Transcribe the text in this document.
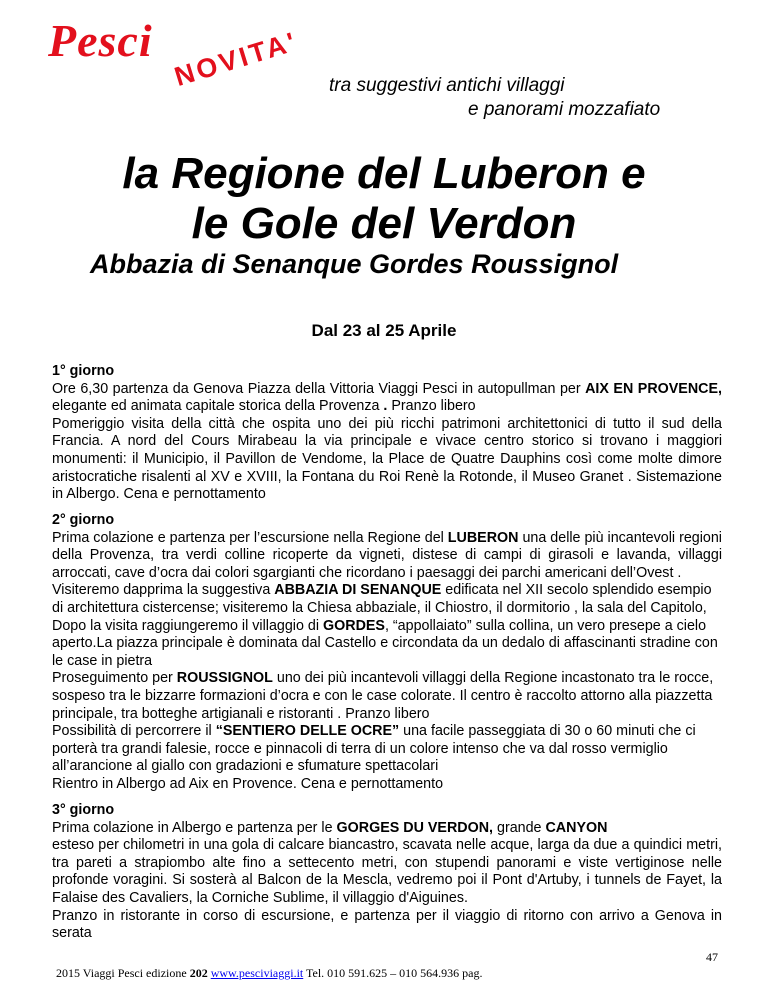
Pesci NOVITA' tra suggestivi antichi villaggi
e panorami mozzafiato
la Regione del Luberon e
le Gole del Verdon
Abbazia di Senanque Gordes Roussignol
Dal 23 al 25 Aprile

1° giorno

Ore 6,30 partenza da Genova Piazza della Vittoria Viaggi Pesci in autopullman per AIX EN PROVENCE, elegante ed animata capitale storica della Provenza . Pranzo libero

Pomeriggio visita della città che ospita uno dei più ricchi patrimoni architettonici di tutto il sud della Francia. A nord del Cours Mirabeau la via principale e vivace centro storico si trovano i maggiori monumenti: il Municipio, il Pavillon de Vendome, la Place de Quatre Dauphins così come molte dimore aristocratiche risalenti al XV e XVIII, la Fontana du Roi Renè la Rotonde, il Museo Granet . Sistemazione in Albergo. Cena e pernottamento

2° giorno

Prima colazione e partenza per l’escursione nella Regione del LUBERON una delle più incantevoli regioni della Provenza, tra verdi colline ricoperte da vigneti, distese di campi di girasoli e lavanda, villaggi arroccati, cave d’ocra dai colori sgargianti che ricordano i paesaggi dei parchi americani dell’Ovest .

Visiteremo dapprima la suggestiva ABBAZIA DI SENANQUE edificata nel XII secolo splendido esempio di architettura cistercense; visiteremo la Chiesa abbaziale, il Chiostro, il dormitorio , la sala del Capitolo, Dopo la visita raggiungeremo il villaggio di GORDES, “appollaiato” sulla collina, un vero presepe a cielo aperto.La piazza principale è dominata dal Castello e circondata da un dedalo di affascinanti stradine con le case in pietra

Proseguimento per ROUSSIGNOL uno dei più incantevoli villaggi della Regione incastonato tra le rocce, sospeso tra le bizzarre formazioni d’ocra e con le case colorate. Il centro è raccolto attorno alla piazzetta principale, tra botteghe artigianali e ristoranti . Pranzo libero

Possibilità di percorrere il “SENTIERO DELLE OCRE” una facile passeggiata di 30 o 60 minuti che ci porterà tra grandi falesie, rocce e pinnacoli di terra di un colore intenso che va dal rosso vermiglio all’arancione al giallo con gradazioni e sfumature spettacolari

Rientro in Albergo ad Aix en Provence. Cena e pernottamento

3° giorno

Prima colazione in Albergo e partenza per le GORGES DU VERDON, grande CANYON

esteso per chilometri in una gola di calcare biancastro, scavata nelle acque, larga da due a quindici metri, tra pareti a strapiombo alte fino a settecento metri, con stupendi panorami e viste vertiginose nelle profonde voragini. Si sosterà al Balcon de la Mescla, vedremo poi il Pont d'Artuby, i tunnels de Fayet, la Falaise des Cavaliers, la Corniche Sublime, il villaggio d'Aiguines.

Pranzo in ristorante in corso di escursione, e partenza per il viaggio di ritorno con arrivo a Genova in serata

47
2015 Viaggi Pesci edizione 202 www.pesciviaggi.it Tel. 010 591.625 – 010 564.936 pag.
